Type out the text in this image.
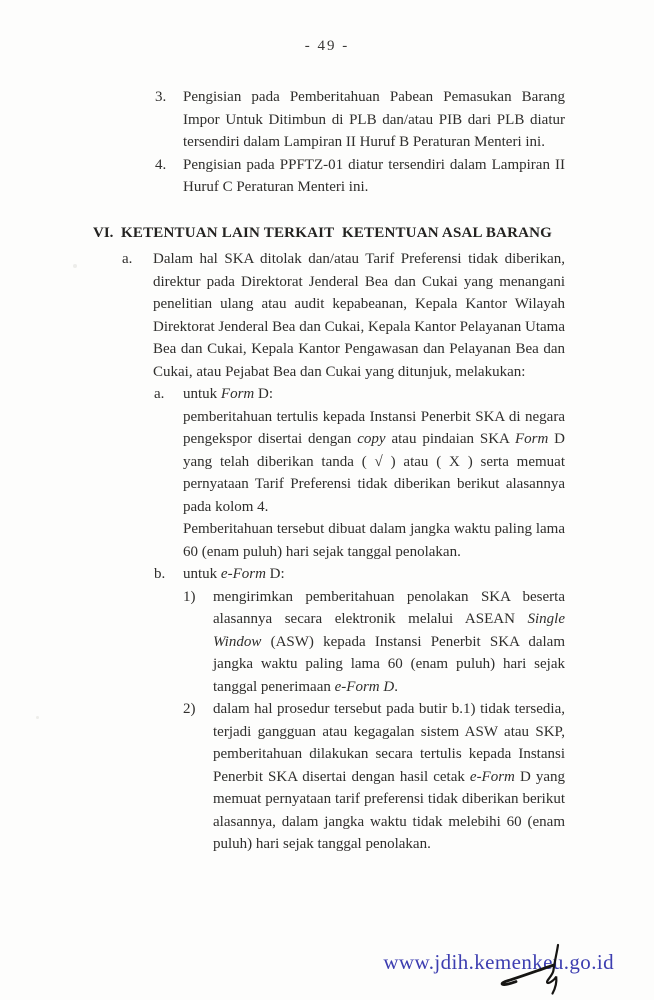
- 49 -
3.	Pengisian pada Pemberitahuan Pabean Pemasukan Barang Impor Untuk Ditimbun di PLB dan/atau PIB dari PLB diatur tersendiri dalam Lampiran II Huruf B Peraturan Menteri ini.
4.	Pengisian pada PPFTZ-01 diatur tersendiri dalam Lampiran II Huruf C Peraturan Menteri ini.
VI. KETENTUAN LAIN TERKAIT  KETENTUAN ASAL BARANG
a.	Dalam hal SKA ditolak dan/atau Tarif Preferensi tidak diberikan, direktur pada Direktorat Jenderal Bea dan Cukai yang menangani penelitian ulang atau audit kepabeanan, Kepala Kantor Wilayah Direktorat Jenderal Bea dan Cukai, Kepala Kantor Pelayanan Utama Bea dan Cukai, Kepala Kantor Pengawasan dan Pelayanan Bea dan Cukai, atau Pejabat Bea dan Cukai yang ditunjuk, melakukan:
a.	untuk Form D:
pemberitahuan tertulis kepada Instansi Penerbit SKA di negara pengekspor disertai dengan copy atau pindaian SKA Form D yang telah diberikan tanda ( √ ) atau ( X ) serta memuat pernyataan Tarif Preferensi tidak diberikan berikut alasannya pada kolom 4.
Pemberitahuan tersebut dibuat dalam jangka waktu paling lama 60 (enam puluh) hari sejak tanggal penolakan.
b.	untuk e-Form D:
1)	mengirimkan pemberitahuan penolakan SKA beserta alasannya secara elektronik melalui ASEAN Single Window (ASW) kepada Instansi Penerbit SKA dalam jangka waktu paling lama 60 (enam puluh) hari sejak tanggal penerimaan e-Form D.
2)	dalam hal prosedur tersebut pada butir b.1) tidak tersedia, terjadi gangguan atau kegagalan sistem ASW atau SKP, pemberitahuan dilakukan secara tertulis kepada Instansi Penerbit SKA disertai dengan hasil cetak e-Form D yang memuat pernyataan tarif preferensi tidak diberikan berikut alasannya, dalam jangka waktu tidak melebihi 60 (enam puluh) hari sejak tanggal penolakan.
www.jdih.kemenkeu.go.id
